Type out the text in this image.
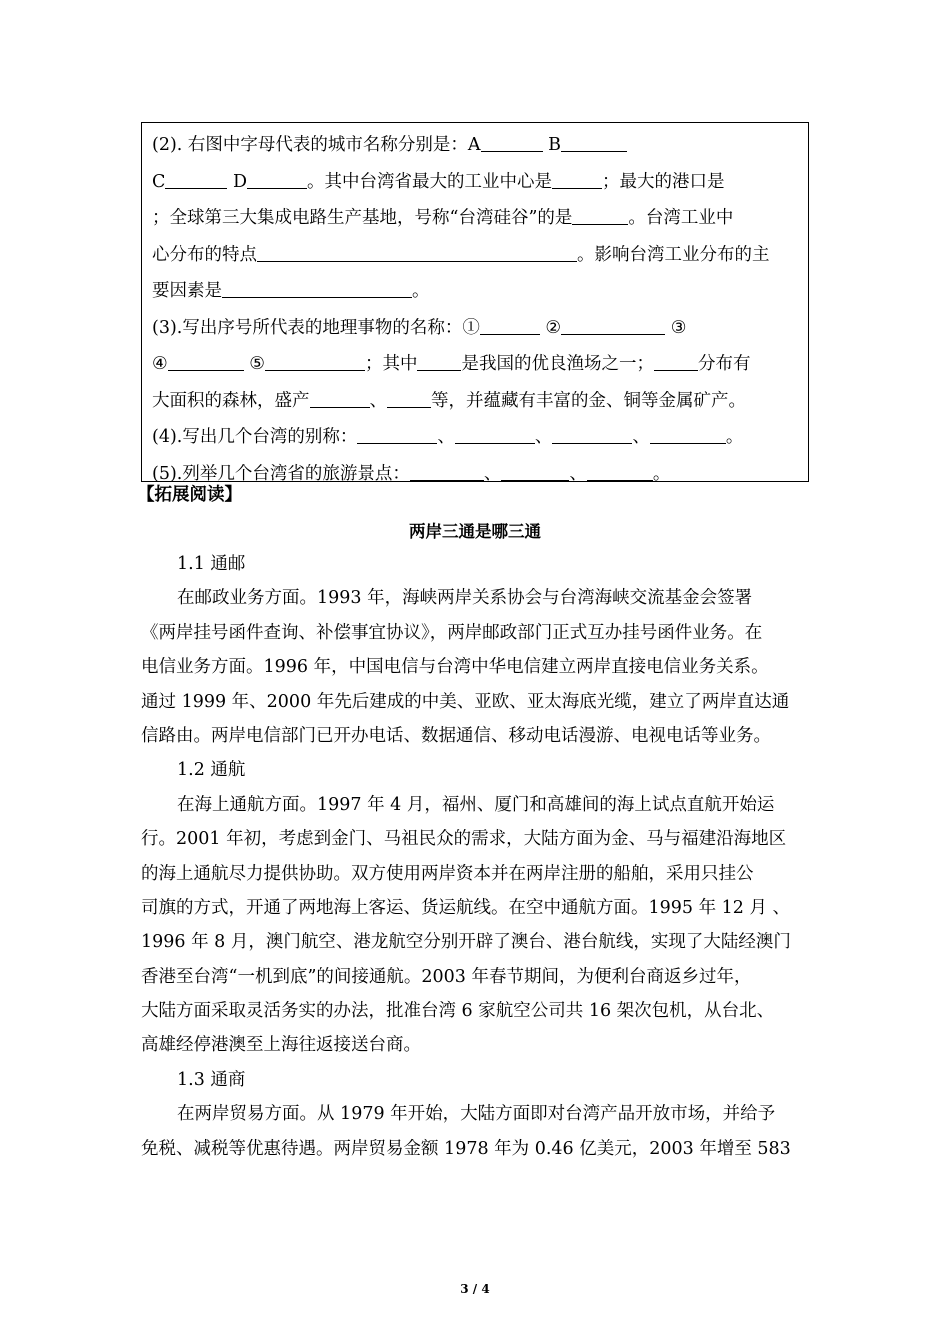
(2). 右图中字母代表的城市名称分别是：A	B
C	D	。其中台湾省最大的工业中心是	；最大的港口是
；全球第三大集成电路生产基地，号称“台湾硅谷”的是	。台湾工业中
心分布的特点	。影响台湾工业分布的主
要因素是	。
(3).写出序号所代表的地理事物的名称：①	②	③
④	⑤	；其中	是我国的优良渔场之一；	分布有
大面积的森林，盛产	、	等，并蕴藏有丰富的金、铜等金属矿产。
(4).写出几个台湾的别称：	、	、	、	。
(5).列举几个台湾省的旅游景点：	、	、	。
【拓展阅读】
两岸三通是哪三通
1.1 通邮
在邮政业务方面。1993 年，海峡两岸关系协会与台湾海峡交流基金会签署
《两岸挂号函件查询、补偿事宜协议》，两岸邮政部门正式互办挂号函件业务。在
电信业务方面。1996 年，中国电信与台湾中华电信建立两岸直接电信业务关系。
通过 1999 年、2000 年先后建成的中美、亚欧、亚太海底光缆，建立了两岸直达通
信路由。两岸电信部门已开办电话、数据通信、移动电话漫游、电视电话等业务。
1.2 通航
在海上通航方面。1997 年 4 月，福州、厦门和高雄间的海上试点直航开始运
行。2001 年初，考虑到金门、马祖民众的需求，大陆方面为金、马与福建沿海地区
的海上通航尽力提供协助。双方使用两岸资本并在两岸注册的船舶，采用只挂公
司旗的方式，开通了两地海上客运、货运航线。在空中通航方面。1995 年 12 月 、
1996 年 8 月，澳门航空、港龙航空分别开辟了澳台、港台航线，实现了大陆经澳门
香港至台湾“一机到底”的间接通航。2003 年春节期间，为便利台商返乡过年，
大陆方面采取灵活务实的办法，批准台湾 6 家航空公司共 16 架次包机，从台北、
高雄经停港澳至上海往返接送台商。
1.3 通商
在两岸贸易方面。从 1979 年开始，大陆方面即对台湾产品开放市场，并给予
免税、减税等优惠待遇。两岸贸易金额 1978 年为 0.46 亿美元，2003 年增至 583
3 / 4
